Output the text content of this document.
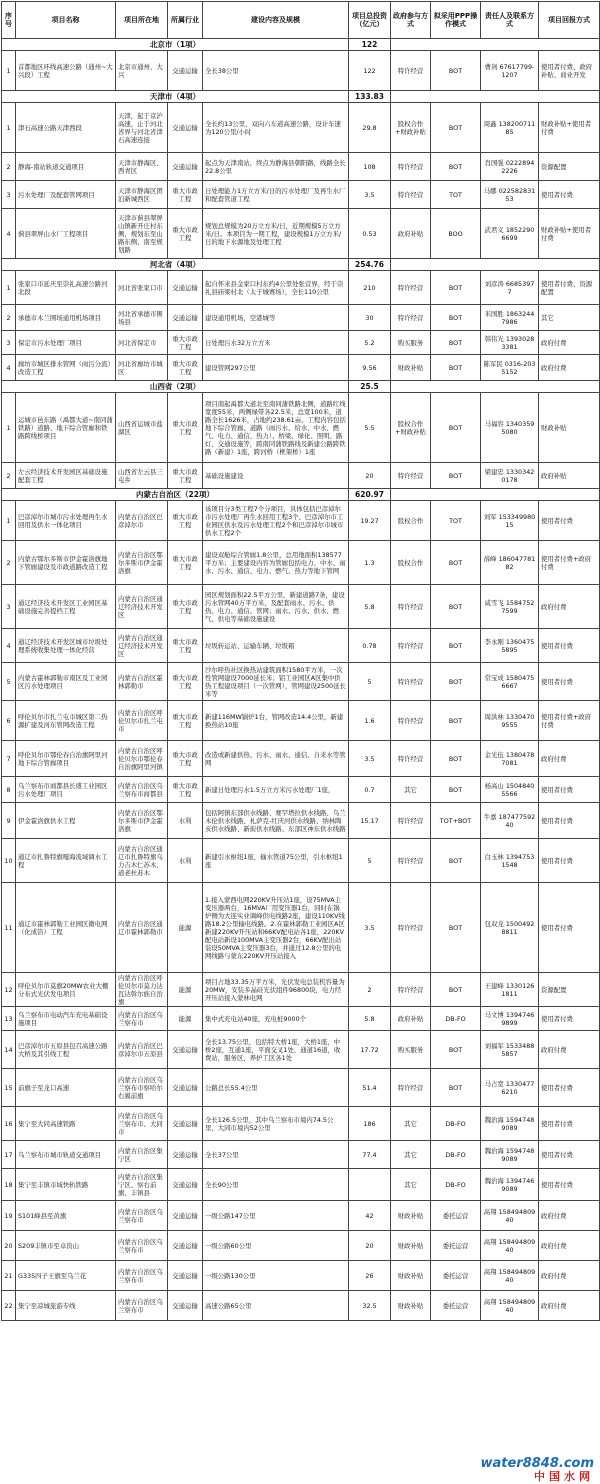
序号	项目名称	项目所在地	所属行业	建设内容及规模	项目总投资（亿元）	政府参与方式	拟采用PPP操作模式	责任人及联系方式	项目回报方式
北京市（1项）					122				
1	首都地区环线高速公路（通州~大兴段）工程	北京市通州、大兴	交通运输	全长38公里	122	特许经营	BOT	曹剑 67617799-1207	使用者付费、政府补贴、商业开发
天津市（4项）					133.83				
1	津石高速公路天津西段	天津，起于京沪高速，止于河北省界与河北省津石高速连接	交通运输	全长约13公里，双向六车道高速公路，设计车速为120公里/小时	29.8	股权合作+财政补贴	BOT	周鑫 13820071185	财政补贴+使用者付费
2	静海-南站轨道交通项目	天津市静海区、西青区	交通运输	起点为天津南站，终点为静海县朝阳路，线路全长22.8公里	108	特许经营	BOT	肖国强 02228942226	资源配置
3	污水处理厂及配套管网项目	天津市静海区团泊新城西区	重大市政工程	日处理能力1万立方米/日的污水处理厂及再生水厂和配套管道工程	3.5	特许经营	TOT	马娜 02258283153	使用者付费
4	蓟县翠屏山水厂工程项目	天津市蓟县翠屏山镇新开庄村东侧，规划东至山路东侧、南至规划路	重大市政工程	规划总规模为20万立方米/日，近期规模5万立方米/日。本项目为一期工程，建设规模1万立方米/日的地下水源地及处理工程	0.53	政府补贴	BOO	武君义 18522906699	财政补贴+使用者付费
河北省（4项）					254.76				
1	张家口市延庆至崇礼高速公路河北段	河北省张家口市	交通运输	起自怀来县金家口村东约4公里处张营界，经于崇礼县庙梁村北（太子城赛场），全长110公里	210	特许经营	BOT	刘彦涛 66853977	使用者付费、资源配置
2	承德市木兰围场通用机场项目	河北省承德市围场县	交通运输	建设通用机场，空港城等	30	特许经营	BOT	米国胜 18632447986	其它
3	保定市污水处理厂项目	河北省保定市	重大市政工程	日处理污水32万立方米	5.2	购买服务	BOT	韩伟光 13930283381	政府付费
4	廊坊市城区排水管网（雨污分流）改造工程	河北省廊坊市城区	重大市政工程	建设管网297公里	9.56	财政补贴	BOT	陈军民 0316-2035152	政府付费
山西省（2项）					25.5				
1	运城市邑东路（禹都大道~南同蒲铁路）道路、地下综合管廊和铁路跨线桥项目	山西省运城市盐湖区	重大市政工程	项目南起禹都大道北至南同蒲铁路北侧，道路红线宽度55米，两侧绿带各22.5米，总宽100米，道路全长1626米，占地约238.61亩。工程内容包括地下综合管廊、道路（雨污水、给水、中水、燃气、电力、通信、热力）、桥梁、绿化、照明、路灯、交通设施等，跨南同蒲铁路线及新建公路跨铁路（新建）1座，跨河桥（框架桥）1座	5.5	股权合作+财政补贴	BOT	马福容 13403595080	财政补贴
2	左云经济技术开发园区基础设施配套工程	山西省左云县三屯乡	重大市政工程	基础设施建设	20	特许经营	BOT	梁建忠 13303420178	政府补贴
内蒙古自治区（22项）					620.97				
1	巴彦淖尔市城市污水处理再生水回用及供水一体化项目	内蒙古自治区巴彦淖尔市	重大市政工程	该项目分3类工程7个分项目，具体包括巴彦淖尔市污水处理厂再生水回用工程3个、巴彦淖尔市工业园区供水及污水处理工程2个和巴彦淖尔市城市供水工程2个	19.27	股权合作	TOT	刘军 15334998015	使用者付费
2	内蒙古鄂尔多斯市伊金霍洛旗地下管廊建设及市政道路改造工程	内蒙古自治区鄂尔多斯市伊金霍洛旗	重大市政工程	建设双舱综合管廊1.8公里，总用地面积138577平方米；主要建设内容为管廊包括电力、中水、雨水、污水、通信、电力、燃气、热力等地下管网	1.3	股权合作	BOT	薛峰 18604778182	使用者付费+政府付费
3	通辽经济技术开发区工业园区基础设施完善提档工程	内蒙古自治区通辽经济技术开发区	重大市政工程	园区规划面积22.5平方公里，新建道路7条，建设污水管网40万平方米，及配套雨水、污水、供热、电力、通信、管网；雨水、污水、供水、燃气、供电等基础设施建设	5.8	特许经营	BOT	咸雪飞 15847527599	政府付费
4	通辽经济技术开发区城市垃圾处理系统收集处理一体化经营	内蒙古自治区通辽经济技术开发区	重大市政工程	垃圾转运站、运输车辆、垃圾箱	0.78	特许经营	BOT	李永刚 13604755895	使用者付费
5	内蒙古霍林郭勒市南区及工业园区污水处理项目	内蒙古自治区霍林郭勒市	重大市政工程	沙尔呼热社区换热站建筑面积1580平方米，一次性管网建设7000延长米；铝工业园区A区集中供热工程建设项目（一次管网），管网建设2500延长米等	5	特许经营	BOT	常宝成 15804756667	使用者付费
6	呼伦贝尔市扎兰屯市城区第二热源扩建及河东管网改造工程	内蒙古自治区呼伦贝尔市扎兰屯市	重大市政工程	新建116MW锅炉1台，管网改造14.4公里，新建换热站10座	1.6	特许经营	BOT	周洪林 13304709555	使用者付费+政府付费
7	呼伦贝尔市鄂伦春自治旗阿里河地下综合管廊项目	内蒙古自治区呼伦贝尔市鄂伦春自治旗阿里河镇	重大市政工程	改造或新建供热、污水、雨水、通信、自来水等管网	3.5	特许经营	BOT	金光伍 13804787081	政府付费
8	乌兰察布市商都县长盛工业园区污水处理厂项目	内蒙古自治区乌兰察布市商都县	重大市政工程	新建日处理污水1.5万立方米污水处理厂1座，	0.7	其它	BOT	杨高山 15048405566	使用者付费
9	伊金霍洛旗供水工程	内蒙古自治区鄂尔多斯市伊金霍洛旗	水利	包括阿镇东部供水线路、赛罕塔拉供水线路、乌兰木伦供水线路、札萨克-红庆河供水线路、纳林陶亥供水线路、新街供水线路、东部区神东供水线路	15.17	特许经营	TOT+BOT	牛嘉 18747759240	使用者付费
10	通辽市扎鲁特旗嘎海流域调水工程	内蒙古自治区通辽市扎鲁特旗乌力吉木仁苏木、道老杜苏木	水利	新建引水枢纽1座，输水管道75公里，引水枢纽1座	5	特许经营	BOT	白玉林 13947531548	使用者付费
11	通辽市霍林郭勒工业园区微电网（化成箔）工程	内蒙古自治区通辽市霍林郭勒市	能源	1.接入蒙西电网220KV升压站1座，设75MVA主变压器两台，16MVA厂用变压器1台，同时在锅炉侧为大连实业调峰供电线路2座，建设110KV线路18.2公里输电线路。2.在霍林郭勒工业园区A区新建220KV开压站和66KV配电站各1座，220KV配电站新设100MVA主变压器2台，66KV配出站装设50MVA主变压器3台，并通过12.8公里的电网线路与蒙东220KV开压站接入	3.5	特许经营	BOT	包双龙 15004928811	使用者付费
12	呼伦贝尔市莫旗20MW农业大棚分布式光伏发电项目	内蒙古自治区呼伦贝尔市莫力达瓦达斡尔族自治旗	能源	项目占地33.35万平方米，光伏发电总装机容量为20MW，安装多晶硅光伏组件96800块，电力经开压站接入蒙林电网	2	特许经营	BOT	王建峰 13301261811	资源配置
13	乌兰察布市电动汽车充电基础设施项目	内蒙古自治区乌兰察布市	能源	集中式充电站40座，充电桩9000个	5.8	政府补贴	DB-FO	马文博 13947469899	使用者付费
14	巴彦淖尔市五原县包召高速公路大桥及其引线工程	内蒙古自治区巴彦淖尔市五原县	交通运输	全长13.75公里，包括特大桥1座，大桥1座，中桥2座，互通1座，平面交叉1处，通道16道，收费站，服务区，养护工区各1处	17.72	购买服务	BOT	刘福军 15334885857	政府付费
15	前旗子至龙口高速	内蒙古自治区乌兰察布市察哈尔右翼前旗	交通运输	公路总长55.4公里	51.4	特许经营	BOT	马占宽 13304776210	使用者付费
16	集宁至大同高速铁路	内蒙古自治区乌兰察布市、大同市	交通运输	全长126.5公里，其中乌兰察布市境内74.5公里，大同市境内52公里	186	其它	DB-FO	魏治海 15947489089	使用者付费
17	乌兰察布市城市轨道交通项目	内蒙古自治区集宁区	交通运输	全长37公里	77.4	其它	DB-FO	魏治海 15947489089	使用者付费
18	集宁至丰镇市域快轨铁路	内蒙古自治区集宁区、察右前旗、丰镇县	交通运输	全长90公里		其它	DB-FO	魏治海 13947469089	使用者付费
19	S101峰县至黄旗	内蒙古自治区乌兰察布市	交通运输	一级公路147公里	42	财政补贴	委托运营	高翔 15849480940	政府付费
20	S209丰镇市至卓资山	内蒙古自治区乌兰察布市	交通运输	一级公路60公里	20	财政补贴	委托运营	高翔 15849480940	政府付费
21	G335四子王旗至乌兰花	内蒙古自治区乌兰察布市	交通运输	一级公路130公里	26	财政补贴	委托运营	高翔 15849480940	政府付费
22	集宁至凉城旅游专线	内蒙古自治区乌兰察布市	交通运输	高速公路65公里	32.5	财政补贴	委托运营	高翔 15849480940	政府付费
water8848.com
中国水网
